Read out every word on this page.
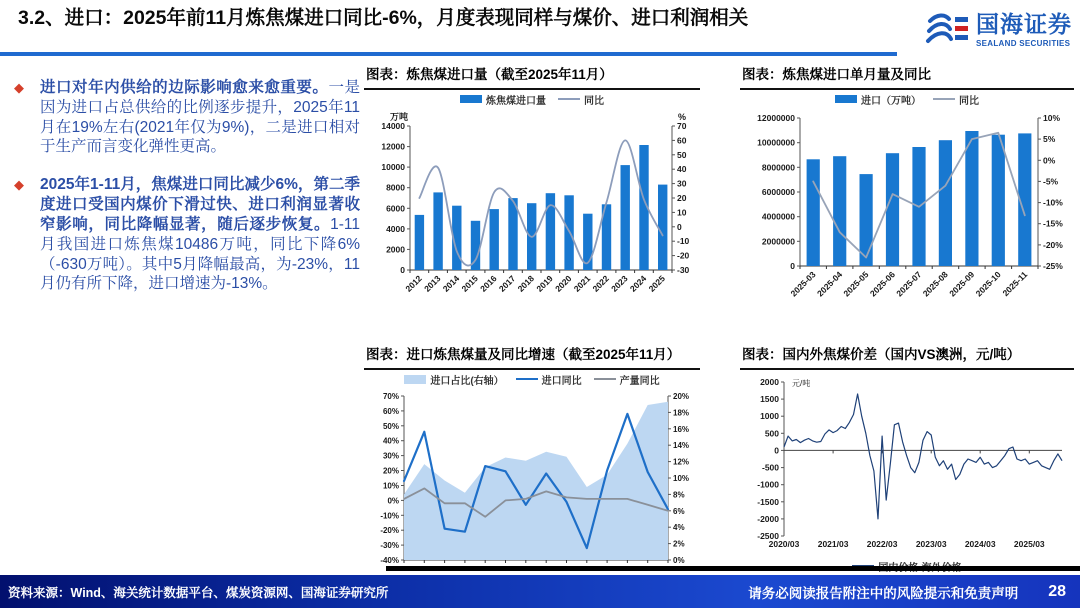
3.2、进口：2025年前11月炼焦煤进口同比-6%，月度表现同样与煤价、进口利润相关	国海证券
SEALAND SECURITIES
◆	进口对年内供给的边际影响愈来愈重要。一是因为进口占总供给的比例逐步提升，2025年11月在19%左右(2021年仅为9%)，二是进口相对于生产而言变化弹性更高。
◆	2025年1-11月，焦煤进口同比减少6%，第二季度进口受国内煤价下滑过快、进口利润显著收窄影响，同比降幅显著，随后逐步恢复。1-11月我国进口炼焦煤10486万吨，同比下降6%（-630万吨）。其中5月降幅最高，为-23%，11月仍有所下降，进口增速为-13%。
图表：炼焦煤进口量（截至2025年11月）
炼焦煤进口量	同比
0
2000
4000
6000
8000
10000
12000
14000
-30
-20
-10
0
10
20
30
40
50
60
70
2012
2013
2014
2015
2016
2017
2018
2019
2020
2021
2022
2023
2024
2025
万吨	%
图表：炼焦煤进口单月量及同比
进口（万吨）	同比
0
2000000
4000000
6000000
8000000
10000000
12000000
-25%
-20%
-15%
-10%
-5%
0%
5%
10%
2025-03
2025-04
2025-05
2025-06
2025-07
2025-08
2025-09
2025-10
2025-11
图表：进口炼焦煤量及同比增速（截至2025年11月）
进口占比(右轴）	进口同比	产量同比
-40%
-30%
-20%
-10%
0%
10%
20%
30%
40%
50%
60%
70%
0%
2%
4%
6%
8%
10%
12%
14%
16%
18%
20%
图表：国内外焦煤价差（国内VS澳洲，元/吨）
-2500
-2000
-1500
-1000
-500
0
500
1000
1500
2000
2020/03 2021/03 2022/03 2023/03 2024/03 2025/03
元/吨
资料来源：Wind、海关统计数据平台、煤炭资源网、国海证券研究所	请务必阅读报告附注中的风险提示和免责声明 28
